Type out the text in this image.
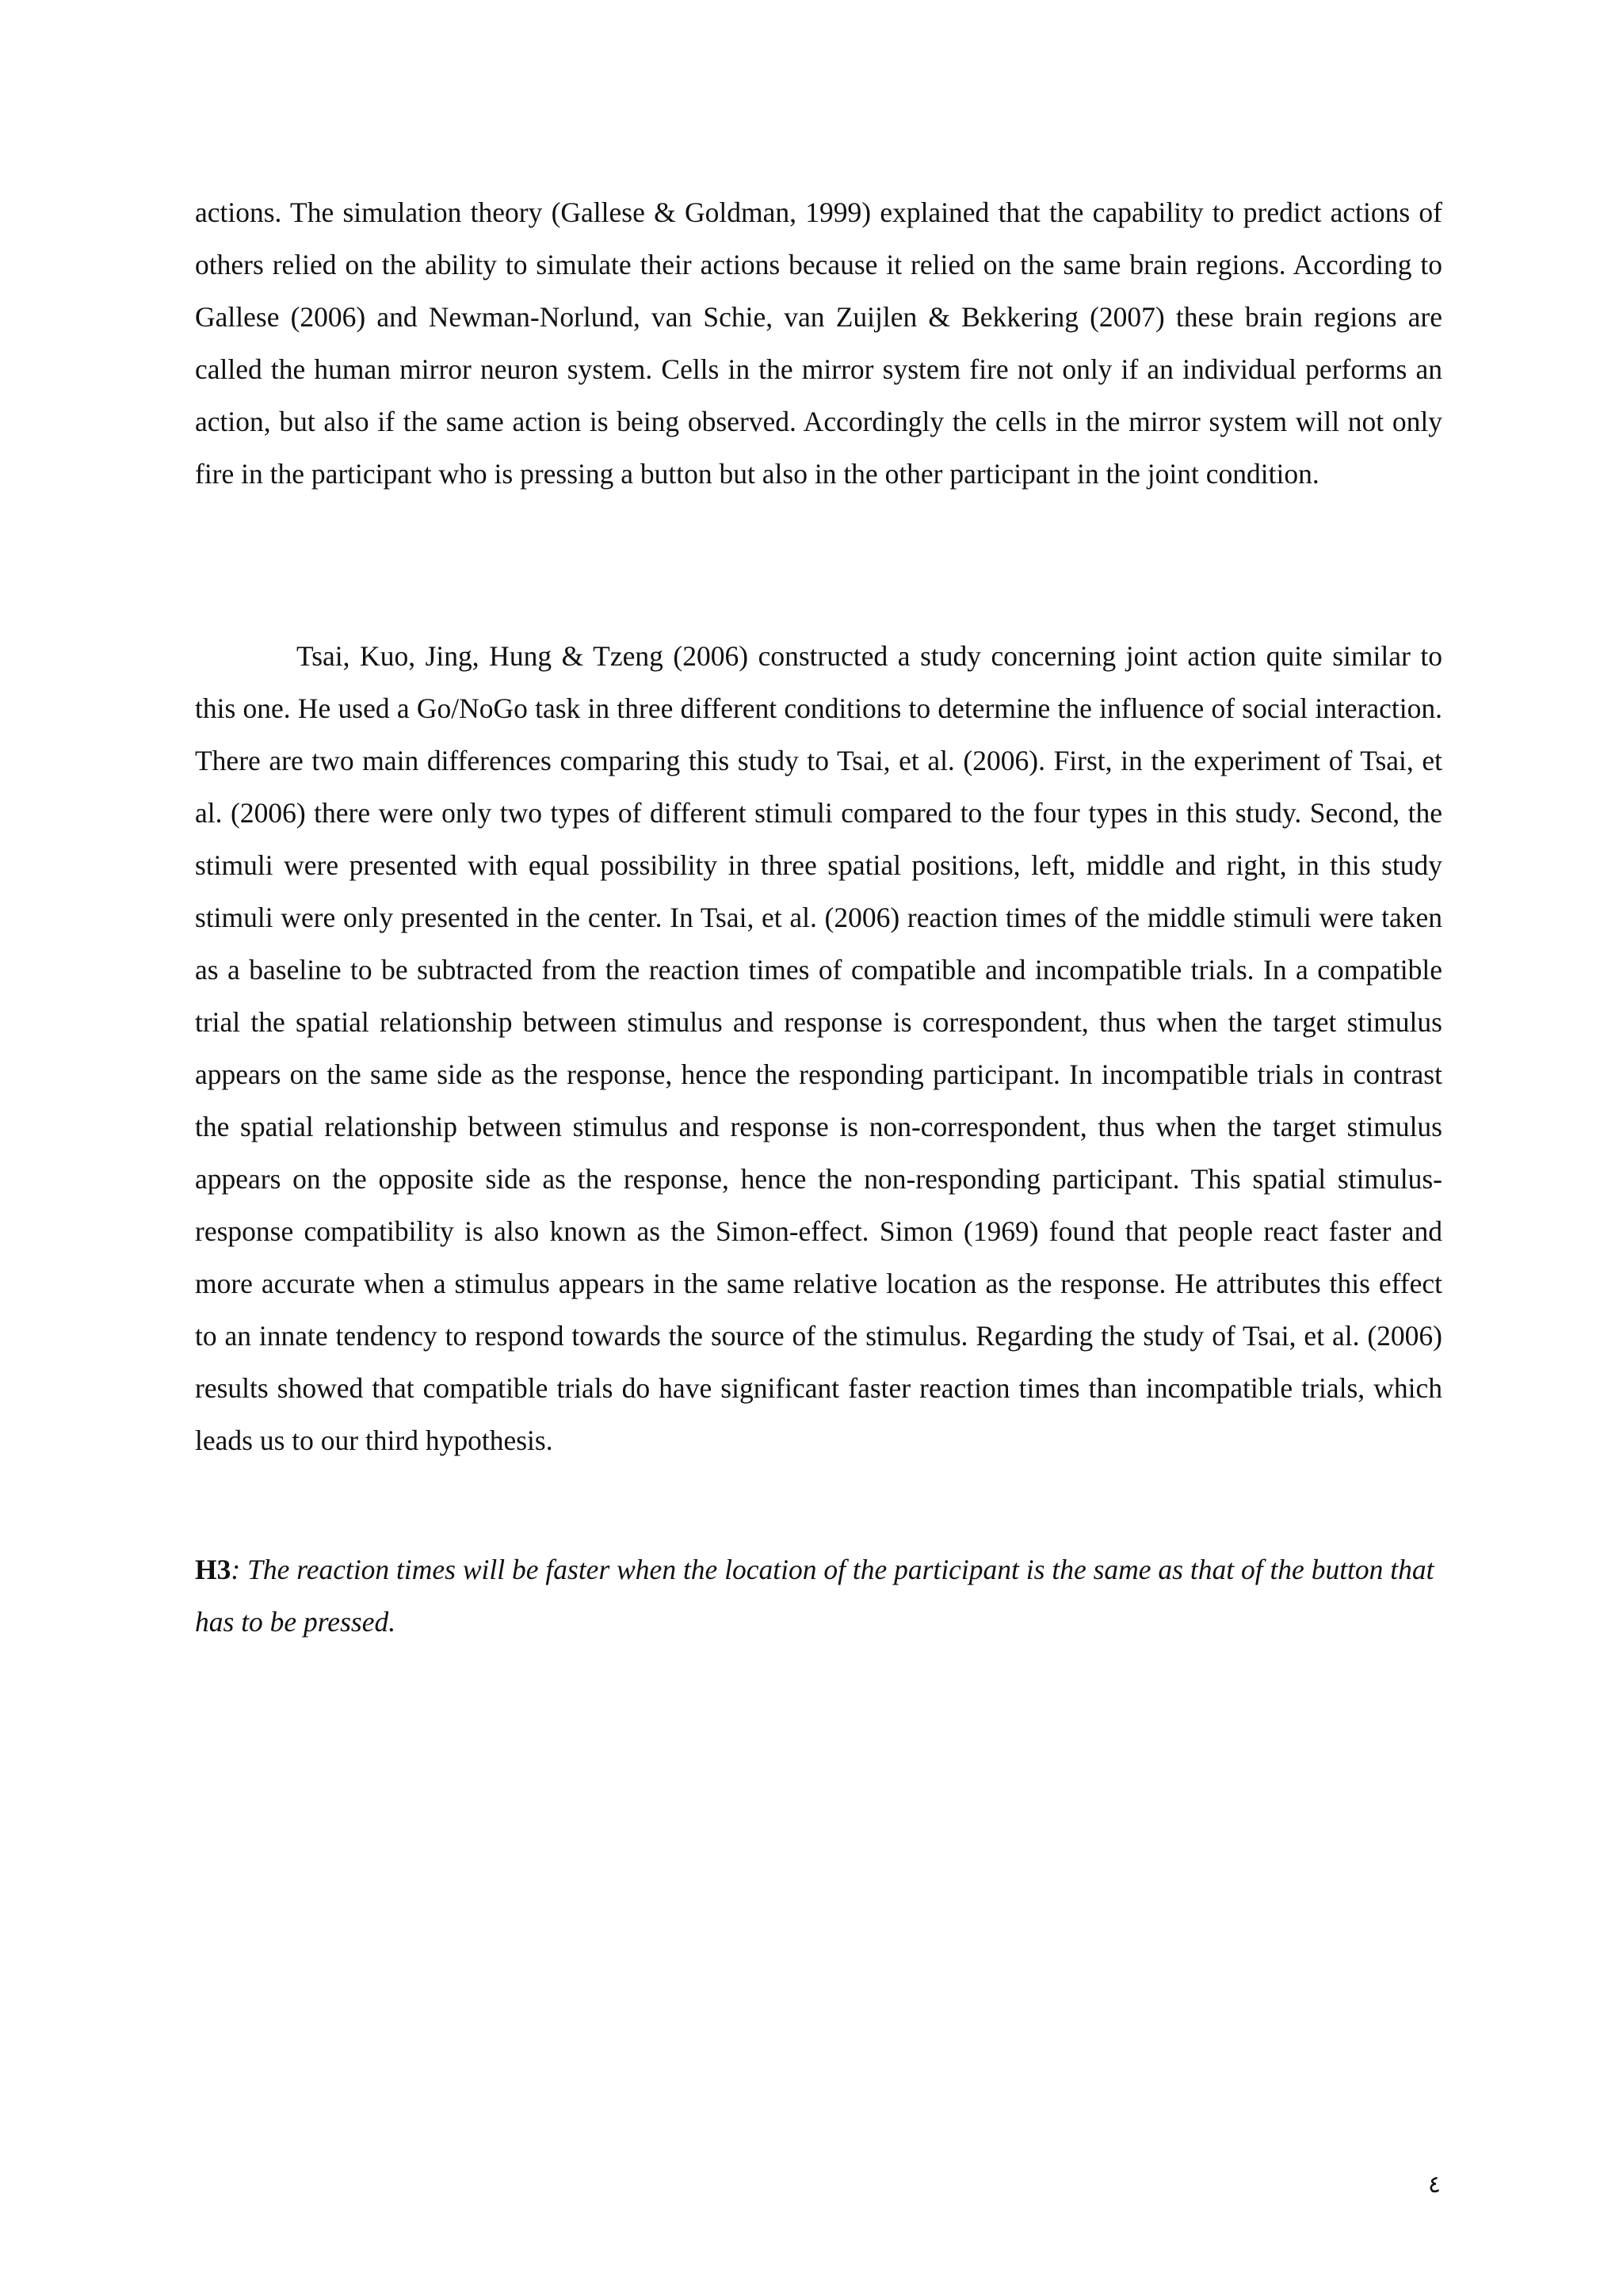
actions. The simulation theory (Gallese & Goldman, 1999) explained that the capability to predict actions of others relied on the ability to simulate their actions because it relied on the same brain regions. According to Gallese (2006) and Newman-Norlund, van Schie, van Zuijlen & Bekkering (2007) these brain regions are called the human mirror neuron system. Cells in the mirror system fire not only if an individual performs an action, but also if the same action is being observed. Accordingly the cells in the mirror system will not only fire in the participant who is pressing a button but also in the other participant in the joint condition.

Tsai, Kuo, Jing, Hung & Tzeng (2006) constructed a study concerning joint action quite similar to this one. He used a Go/NoGo task in three different conditions to determine the influence of social interaction. There are two main differences comparing this study to Tsai, et al. (2006). First, in the experiment of Tsai, et al. (2006) there were only two types of different stimuli compared to the four types in this study. Second, the stimuli were presented with equal possibility in three spatial positions, left, middle and right, in this study stimuli were only presented in the center. In Tsai, et al. (2006) reaction times of the middle stimuli were taken as a baseline to be subtracted from the reaction times of compatible and incompatible trials. In a compatible trial the spatial relationship between stimulus and response is correspondent, thus when the target stimulus appears on the same side as the response, hence the responding participant. In incompatible trials in contrast the spatial relationship between stimulus and response is non-correspondent, thus when the target stimulus appears on the opposite side as the response, hence the non-responding participant. This spatial stimulus-response compatibility is also known as the Simon-effect. Simon (1969) found that people react faster and more accurate when a stimulus appears in the same relative location as the response. He attributes this effect to an innate tendency to respond towards the source of the stimulus. Regarding the study of Tsai, et al. (2006) results showed that compatible trials do have significant faster reaction times than incompatible trials, which leads us to our third hypothesis.

H3: The reaction times will be faster when the location of the participant is the same as that of the button that has to be pressed.

٤
